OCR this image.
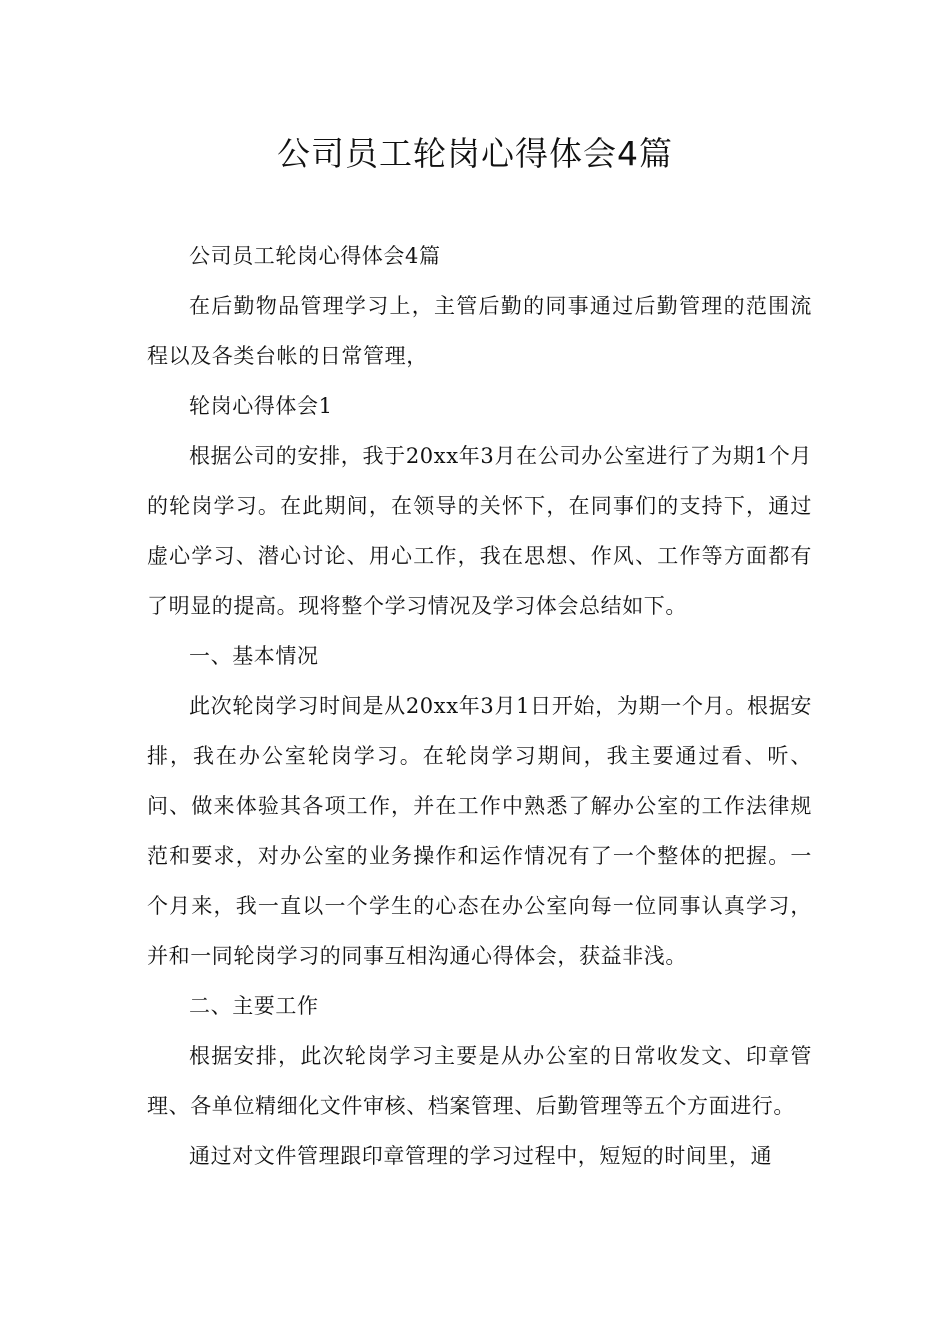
公司员工轮岗心得体会4篇

公司员工轮岗心得体会4篇

在后勤物品管理学习上，主管后勤的同事通过后勤管理的范围流程以及各类台帐的日常管理，

轮岗心得体会1

根据公司的安排，我于20xx年3月在公司办公室进行了为期1个月的轮岗学习。在此期间，在领导的关怀下，在同事们的支持下，通过虚心学习、潜心讨论、用心工作，我在思想、作风、工作等方面都有了明显的提高。现将整个学习情况及学习体会总结如下。

一、基本情况

此次轮岗学习时间是从20xx年3月1日开始，为期一个月。根据安排，我在办公室轮岗学习。在轮岗学习期间，我主要通过看、听、问、做来体验其各项工作，并在工作中熟悉了解办公室的工作法律规范和要求，对办公室的业务操作和运作情况有了一个整体的把握。一个月来，我一直以一个学生的心态在办公室向每一位同事认真学习，并和一同轮岗学习的同事互相沟通心得体会，获益非浅。

二、主要工作

根据安排，此次轮岗学习主要是从办公室的日常收发文、印章管理、各单位精细化文件审核、档案管理、后勤管理等五个方面进行。

通过对文件管理跟印章管理的学习过程中，短短的时间里，通
